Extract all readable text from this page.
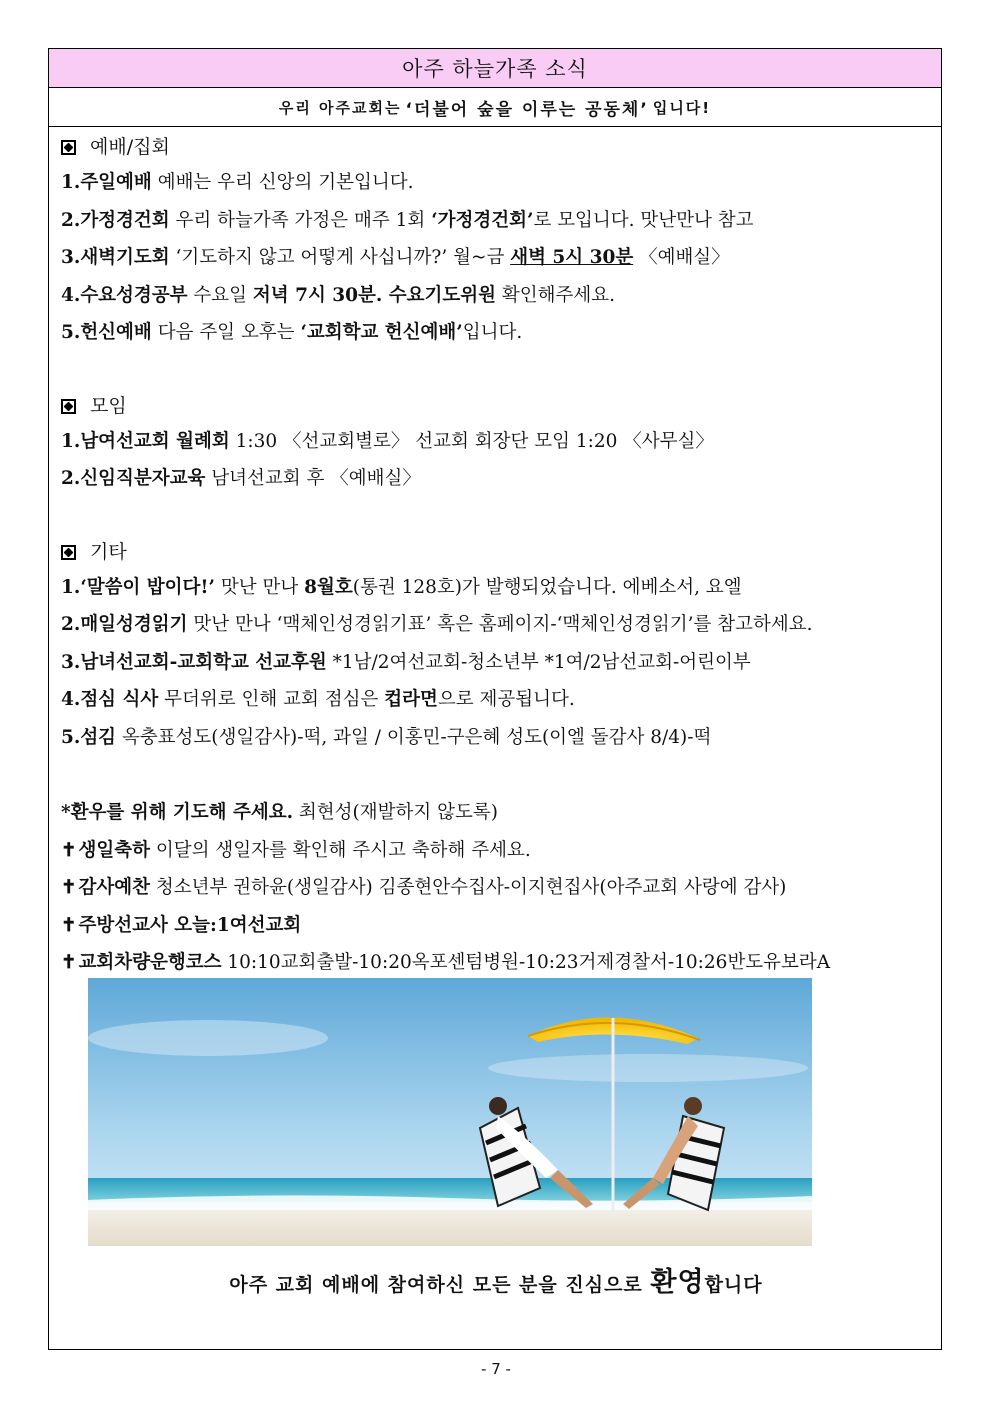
아주 하늘가족 소식
우리 아주교회는 ‘더불어 숲을 이루는 공동체’ 입니다!
예배/집회
1.주일예배 예배는 우리 신앙의 기본입니다.
2.가정경건회 우리 하늘가족 가정은 매주 1회 ‘가정경건회’로 모입니다. 맛난만나 참고
3.새벽기도회 ‘기도하지 않고 어떻게 사십니까?’ 월~금 새벽 5시 30분 〈예배실〉
4.수요성경공부 수요일 저녁 7시 30분. 수요기도위원 확인해주세요.
5.헌신예배 다음 주일 오후는 ‘교회학교 헌신예배’입니다.
모임
1.남여선교회 월례회 1:30 〈선교회별로〉 선교회 회장단 모임 1:20 〈사무실〉
2.신임직분자교육 남녀선교회 후 〈예배실〉
기타
1.‘말씀이 밥이다!’ 맛난 만나 8월호(통권 128호)가 발행되었습니다. 에베소서, 요엘
2.매일성경읽기 맛난 만나 ‘맥체인성경읽기표’ 혹은 홈페이지-‘맥체인성경읽기’를 참고하세요.
3.남녀선교회-교회학교 선교후원 *1남/2여선교회-청소년부 *1여/2남선교회-어린이부
4.점심 식사 무더위로 인해 교회 점심은 컵라면으로 제공됩니다.
5.섬김 옥충표성도(생일감사)-떡, 과일 / 이홍민-구은혜 성도(이엘 돌감사 8/4)-떡
*환우를 위해 기도해 주세요. 최현성(재발하지 않도록)
✝ 생일축하 이달의 생일자를 확인해 주시고 축하해 주세요.
✝ 감사예찬 청소년부 권하윤(생일감사) 김종현안수집사-이지현집사(아주교회 사랑에 감사)
✝ 주방선교사 오늘:1여선교회
✝ 교회차량운행코스 10:10교회출발-10:20옥포센텀병원-10:23거제경찰서-10:26반도유보라A
아주 교회 예배에 참여하신 모든 분을 진심으로 환영합니다
- 7 -
